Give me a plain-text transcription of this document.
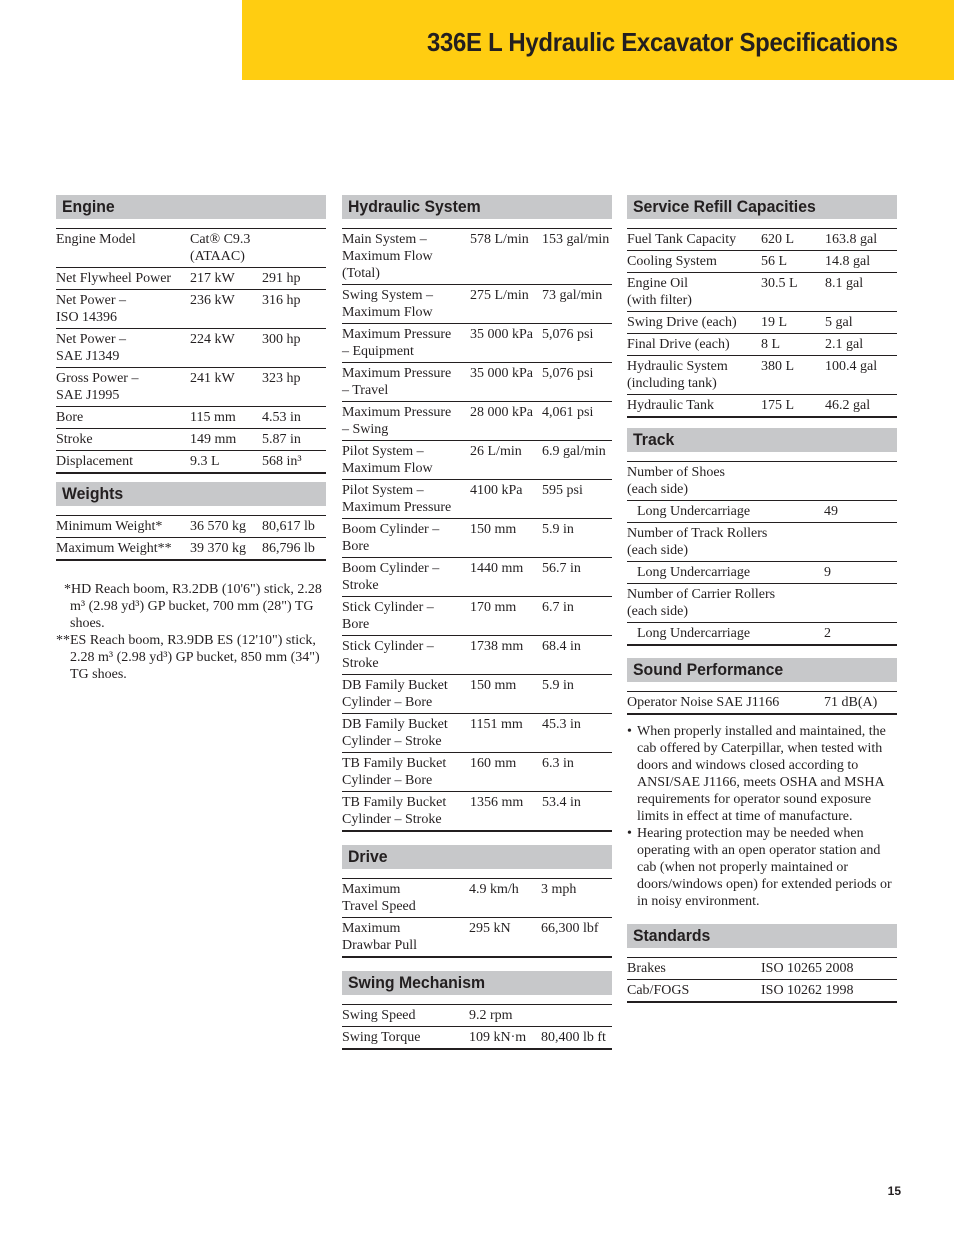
336E L Hydraulic Excavator Specifications
Engine
Engine Model	Cat® C9.3 (ATAAC)
Net Flywheel Power	217 kW	291 hp
Net Power –
ISO 14396
236 kW	316 hp
Net Power –
SAE J1349
224 kW	300 hp
Gross Power –
SAE J1995
241 kW	323 hp
Bore	115 mm	4.53 in
Stroke	149 mm	5.87 in
Displacement	9.3 L	568 in³
Weights
Minimum Weight*	36 570 kg	80,617 lb
Maximum Weight**	39 370 kg	86,796 lb

*HD Reach boom, R3.2DB (10'6") stick, 2.28 m³ (2.98 yd³) GP bucket, 700 mm (28") TG shoes.

**ES Reach boom, R3.9DB ES (12'10") stick, 2.28 m³ (2.98 yd³) GP bucket, 850 mm (34") TG shoes.

Hydraulic System
Main System –
Maximum Flow
(Total)
578 L/min 153 gal/min
Swing System –
Maximum Flow
275 L/min 73 gal/min
Maximum Pressure
– Equipment
35 000 kPa 5,076 psi
Maximum Pressure
– Travel
35 000 kPa 5,076 psi
Maximum Pressure
– Swing
28 000 kPa 4,061 psi
Pilot System –
Maximum Flow
26 L/min	6.9 gal/min
Pilot System –
Maximum Pressure
4100 kPa	595 psi
Boom Cylinder –
Bore
150 mm	5.9 in
Boom Cylinder –
Stroke
1440 mm	56.7 in
Stick Cylinder –
Bore
170 mm	6.7 in
Stick Cylinder –
Stroke
1738 mm	68.4 in
DB Family Bucket
Cylinder – Bore
150 mm	5.9 in
DB Family Bucket
Cylinder – Stroke
1151 mm	45.3 in
TB Family Bucket
Cylinder – Bore
160 mm	6.3 in
TB Family Bucket
Cylinder – Stroke
1356 mm	53.4 in
Drive
Maximum
Travel Speed
4.9 km/h	3 mph
Maximum
Drawbar Pull
295 kN	66,300 lbf
Swing Mechanism
Swing Speed	9.2 rpm
Swing Torque	109 kN·m	80,400 lb ft
Service Refill Capacities
Fuel Tank Capacity	620 L	163.8 gal
Cooling System	56 L	14.8 gal
Engine Oil
(with filter)
30.5 L	8.1 gal
Swing Drive (each)	19 L	5 gal
Final Drive (each)	8 L	2.1 gal
Hydraulic System
(including tank)
380 L	100.4 gal
Hydraulic Tank	175 L	46.2 gal
Track
Number of Shoes
(each side)
Long Undercarriage	49
Number of Track Rollers
(each side)
Long Undercarriage	9
Number of Carrier Rollers
(each side)
Long Undercarriage	2
Sound Performance
Operator Noise SAE J1166	71 dB(A)
• When properly installed and maintained, the cab offered by Caterpillar, when tested with doors and windows closed according to ANSI/SAE J1166, meets OSHA and MSHA requirements for operator sound exposure limits in effect at time of manufacture.
• Hearing protection may be needed when operating with an open operator station and cab (when not properly maintained or doors/windows open) for extended periods or in noisy environment.
Standards
Brakes	ISO 10265 2008
Cab/FOGS	ISO 10262 1998
15
